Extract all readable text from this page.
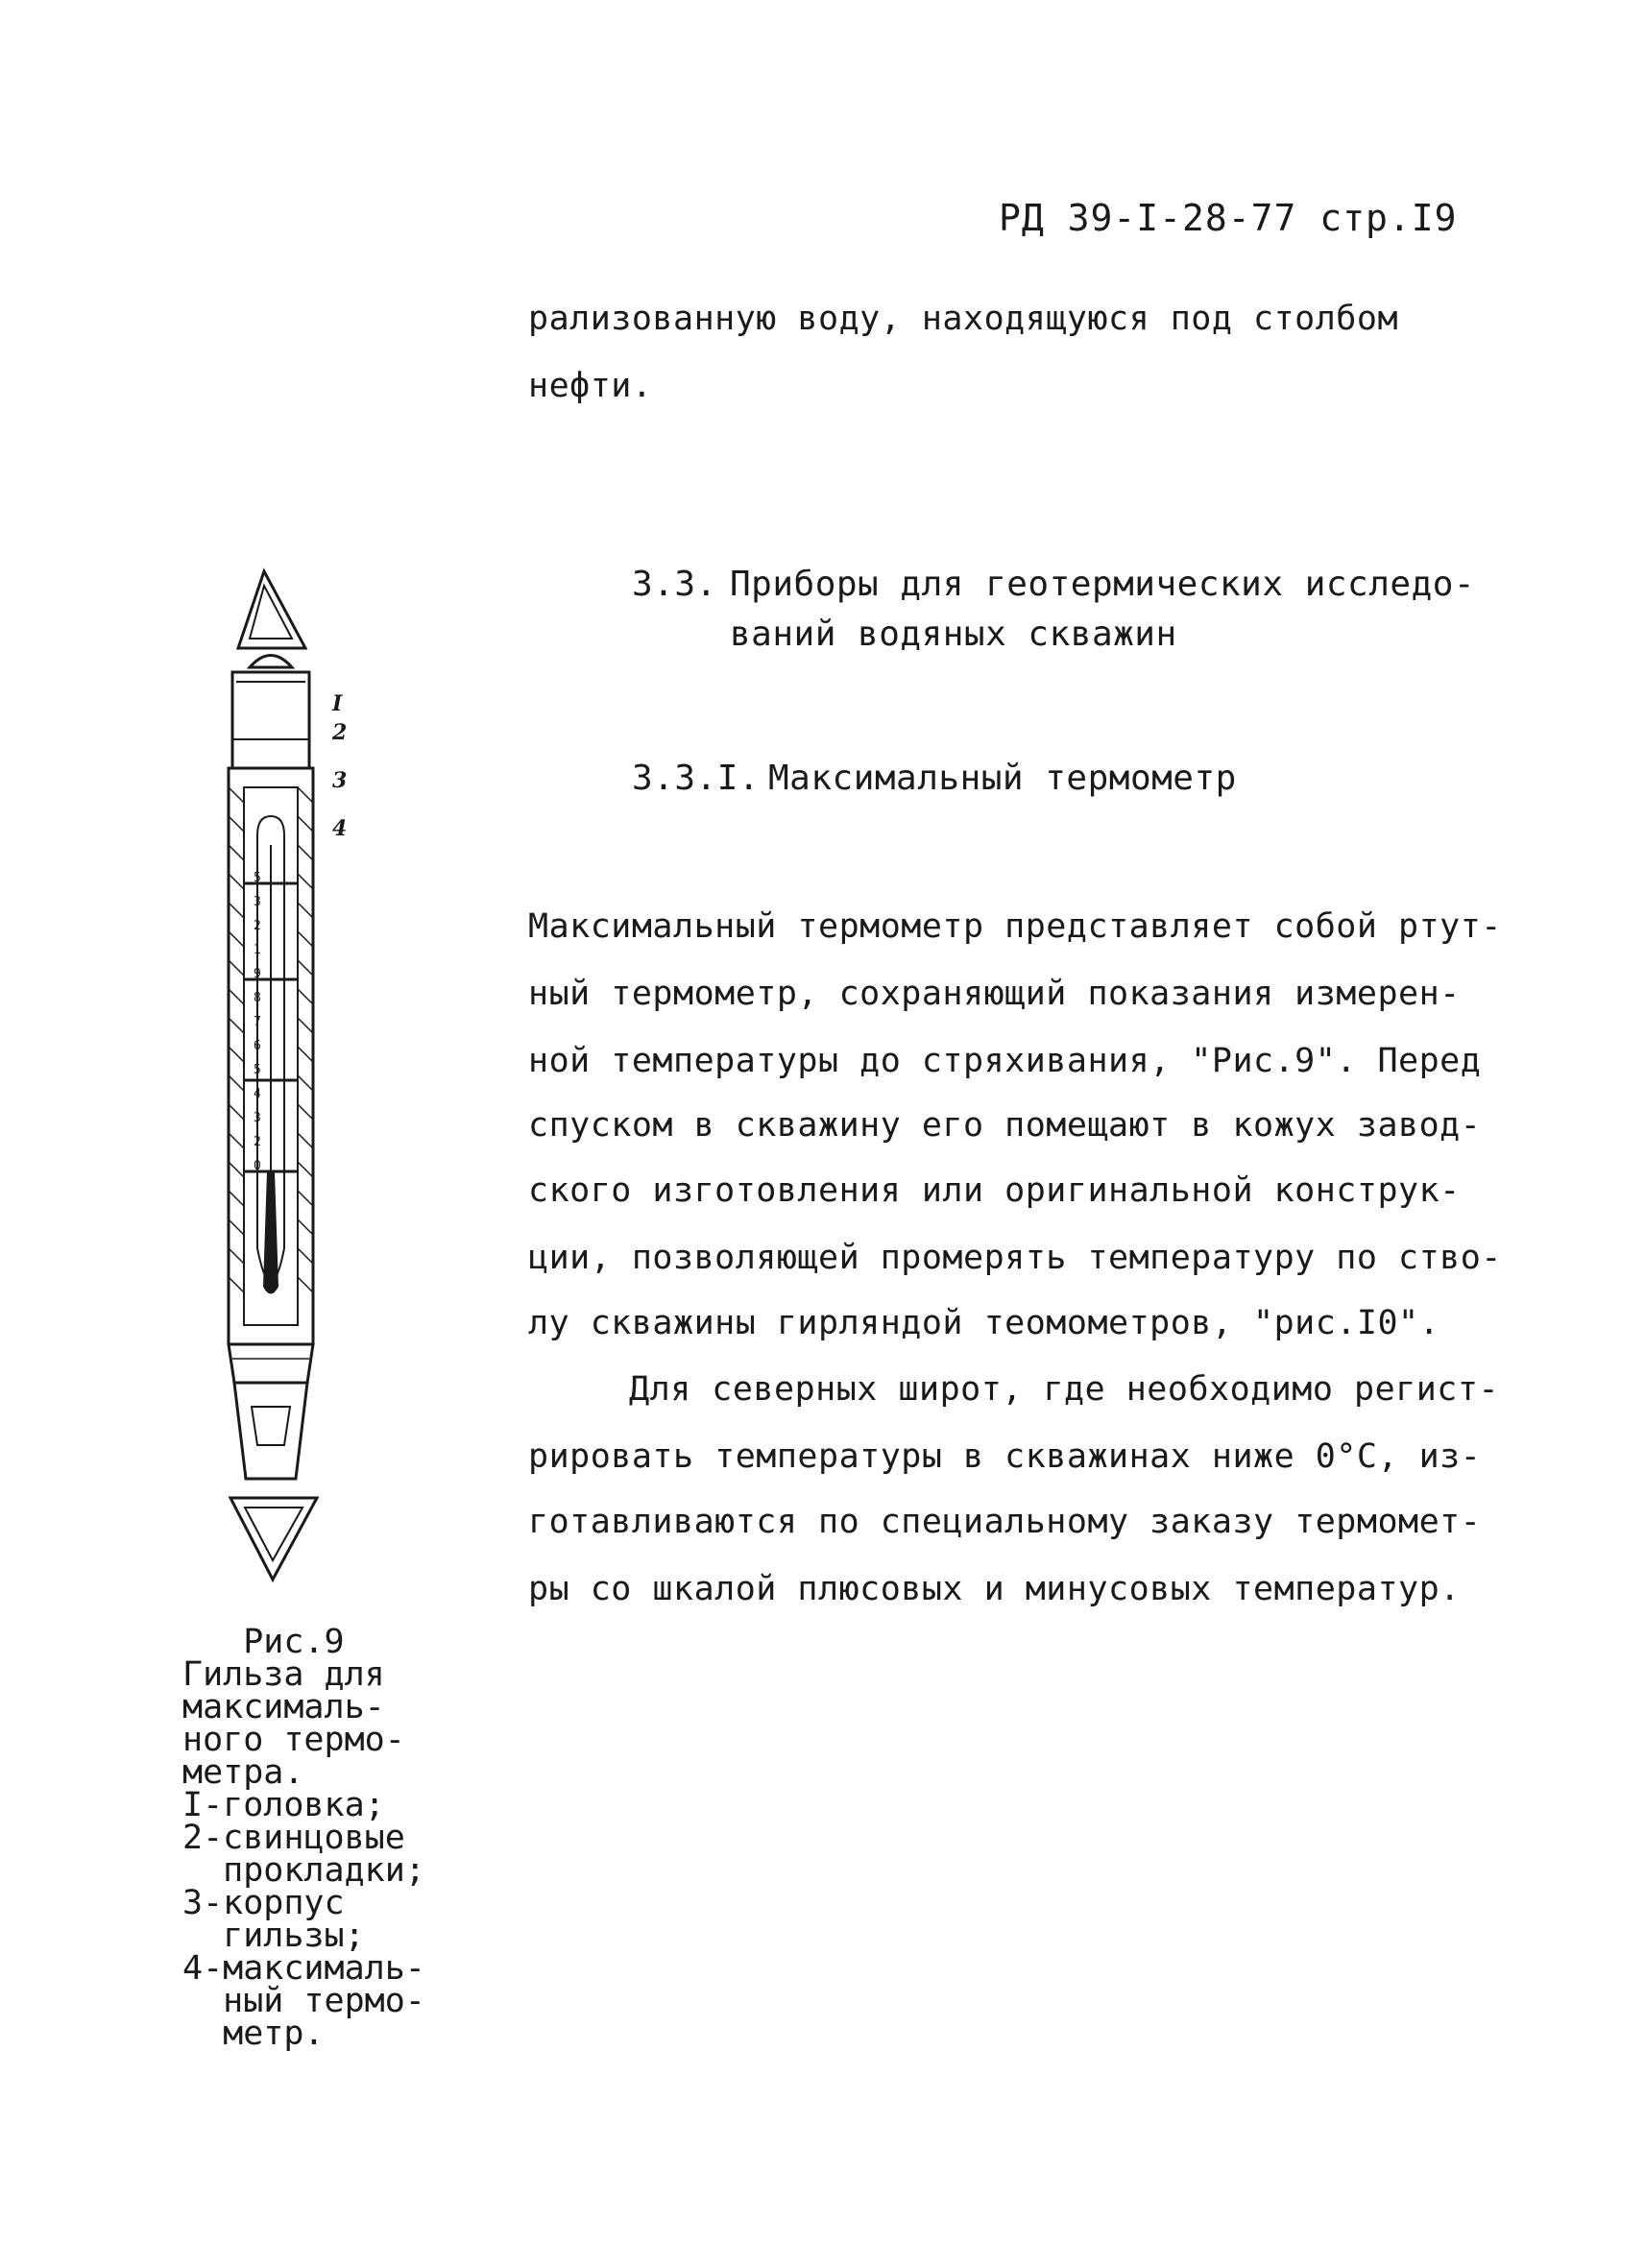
РД 39-I-28-77 стр.I9
рализованную воду, находящуюся под столбом
нефти.
3.3. Приборы для геотермических исследо-
ваний водяных скважин
3.3.I. Максимальный термометр
Максимальный термометр представляет собой ртут-
ный термометр, сохраняющий показания измерен-
ной температуры до стряхивания, "Рис.9". Перед
спуском в скважину его помещают в кожух завод-
ского изготовления или оригинальной конструк-
ции, позволяющей промерять температуру по ство-
лу скважины гирляндой теомометров, "рис.I0".
Для северных широт, где необходимо регист-
рировать температуры в скважинах ниже 0°С, из-
готавливаются по специальному заказу термомет-
ры со шкалой плюсовых и минусовых температур.
5
3
2
1
9
8
7
6
5
4
3
2
0
I
2
3
4
Рис.9
Гильза для
максималь-
ного термо-
метра.
I-головка;
2-свинцовые
прокладки;
3-корпус
гильзы;
4-максималь-
ный термо-
метр.
